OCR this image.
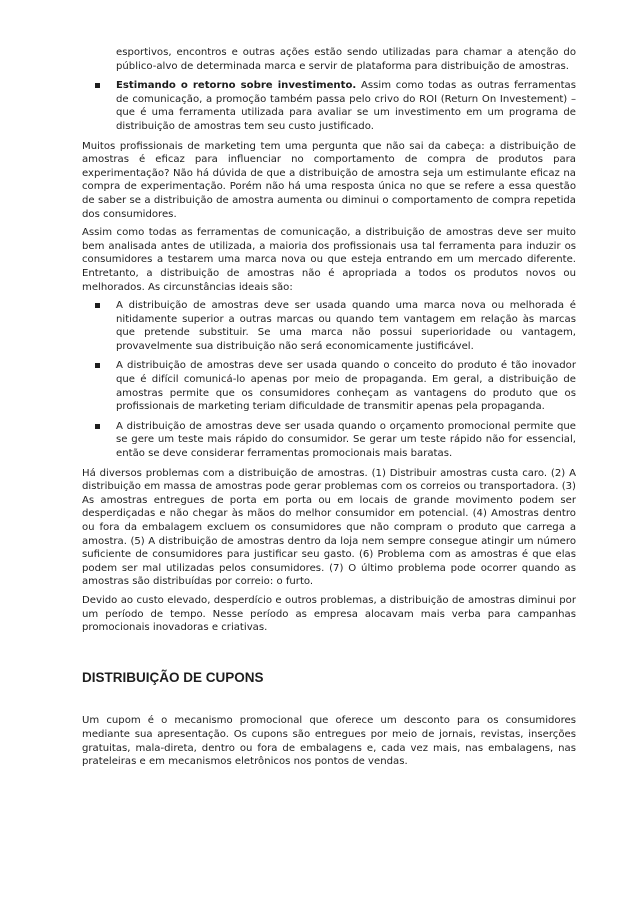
esportivos, encontros e outras ações estão sendo utilizadas para chamar a atenção do público-alvo de determinada marca e servir de plataforma para distribuição de amostras.
Estimando o retorno sobre investimento. Assim como todas as outras ferramentas de comunicação, a promoção também passa pelo crivo do ROI (Return On Investement) – que é uma ferramenta utilizada para avaliar se um investimento em um programa de distribuição de amostras tem seu custo justificado.

Muitos profissionais de marketing tem uma pergunta que não sai da cabeça: a distribuição de amostras é eficaz para influenciar no comportamento de compra de produtos para experimentação? Não há dúvida de que a distribuição de amostra seja um estimulante eficaz na compra de experimentação. Porém não há uma resposta única no que se refere a essa questão de saber se a distribuição de amostra aumenta ou diminui o comportamento de compra repetida dos consumidores.

Assim como todas as ferramentas de comunicação, a distribuição de amostras deve ser muito bem analisada antes de utilizada, a maioria dos profissionais usa tal ferramenta para induzir os consumidores a testarem uma marca nova ou que esteja entrando em um mercado diferente. Entretanto, a distribuição de amostras não é apropriada a todos os produtos novos ou melhorados. As circunstâncias ideais são:

A distribuição de amostras deve ser usada quando uma marca nova ou melhorada é nitidamente superior a outras marcas ou quando tem vantagem em relação às marcas que pretende substituir. Se uma marca não possui superioridade ou vantagem, provavelmente sua distribuição não será economicamente justificável.
A distribuição de amostras deve ser usada quando o conceito do produto é tão inovador que é difícil comunicá-lo apenas por meio de propaganda. Em geral, a distribuição de amostras permite que os consumidores conheçam as vantagens do produto que os profissionais de marketing teriam dificuldade de transmitir apenas pela propaganda.
A distribuição de amostras deve ser usada quando o orçamento promocional permite que se gere um teste mais rápido do consumidor. Se gerar um teste rápido não for essencial, então se deve considerar ferramentas promocionais mais baratas.

Há diversos problemas com a distribuição de amostras. (1) Distribuir amostras custa caro. (2) A distribuição em massa de amostras pode gerar problemas com os correios ou transportadora. (3) As amostras entregues de porta em porta ou em locais de grande movimento podem ser desperdiçadas e não chegar às mãos do melhor consumidor em potencial. (4) Amostras dentro ou fora da embalagem excluem os consumidores que não compram o produto que carrega a amostra. (5) A distribuição de amostras dentro da loja nem sempre consegue atingir um número suficiente de consumidores para justificar seu gasto. (6) Problema com as amostras é que elas podem ser mal utilizadas pelos consumidores. (7) O último problema pode ocorrer quando as amostras são distribuídas por correio: o furto.

Devido ao custo elevado, desperdício e outros problemas, a distribuição de amostras diminui por um período de tempo. Nesse período as empresa alocavam mais verba para campanhas promocionais inovadoras e criativas.

DISTRIBUIÇÃO DE CUPONS

Um cupom é o mecanismo promocional que oferece um desconto para os consumidores mediante sua apresentação. Os cupons são entregues por meio de jornais, revistas, inserções gratuitas, mala-direta, dentro ou fora de embalagens e, cada vez mais, nas embalagens, nas prateleiras e em mecanismos eletrônicos nos pontos de vendas.
